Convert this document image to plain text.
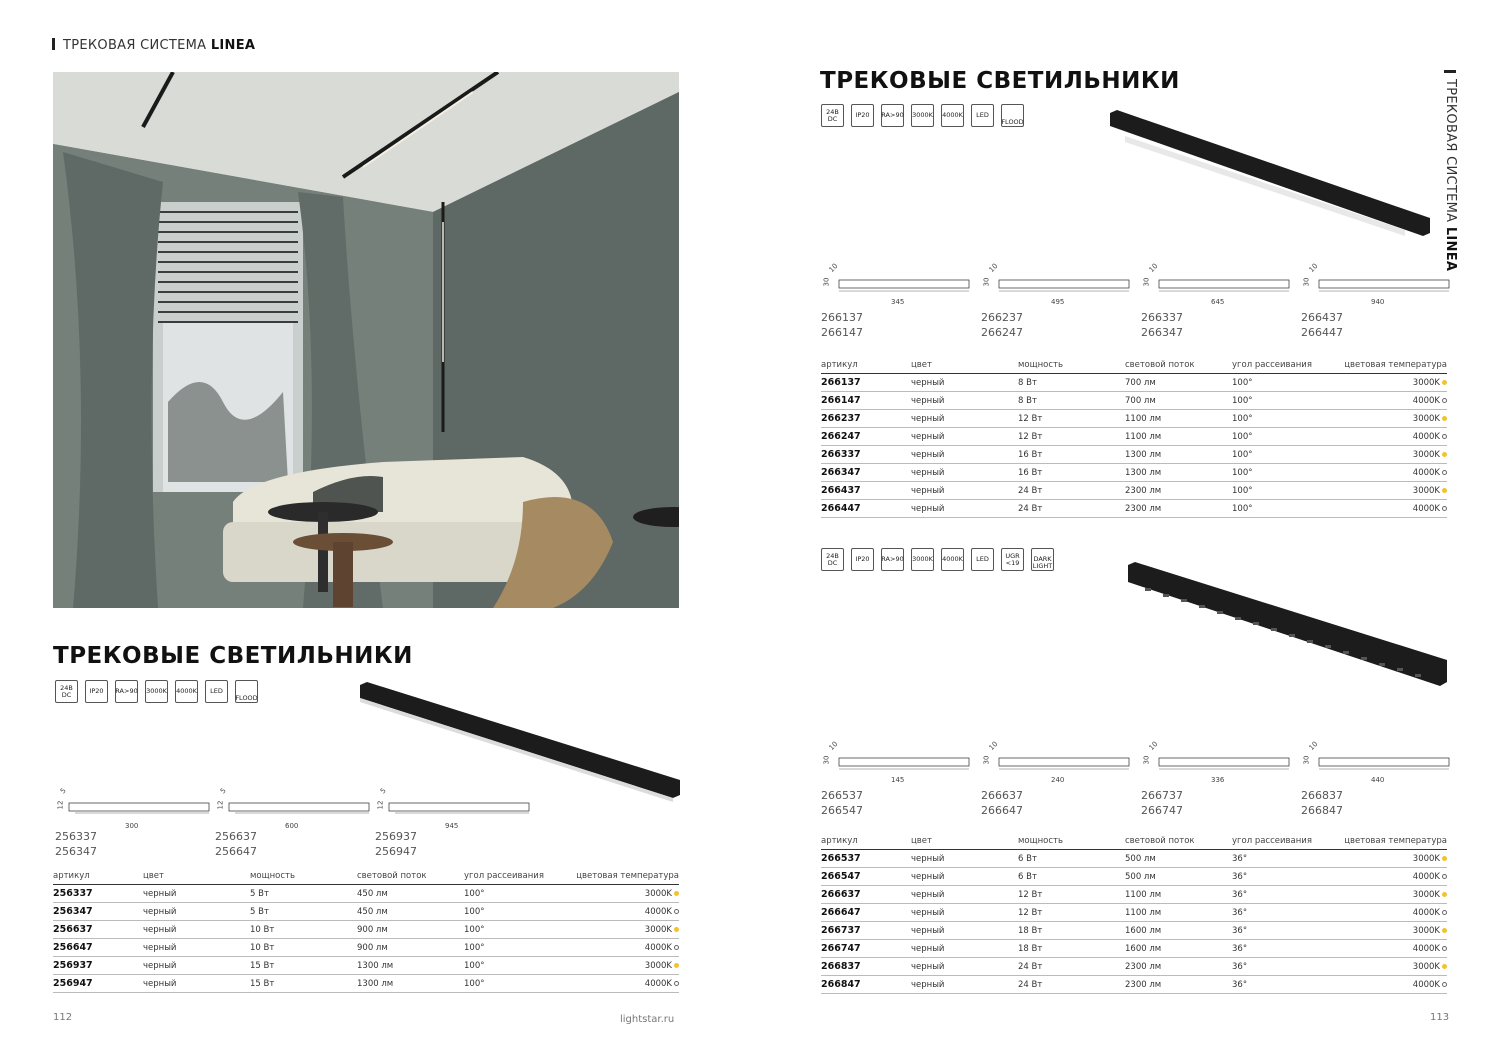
ТРЕКОВАЯ СИСТЕМА LINEA
ТРЕКОВЫЕ СВЕТИЛЬНИКИ
24В DC	IP20	RA>90 3000K 4000K	LED
FLOOD
5
12
300
256337
256347
5
12
600
256637
256647
5
12
945
256937
256947
артикул	цвет	мощность	световой поток	угол рассеивания	цветовая температура
256337	черный	5 Вт	450 лм	100°	3000K
256347	черный	5 Вт	450 лм	100°	4000K
256637	черный	10 Вт	900 лм	100°	3000K
256647	черный	10 Вт	900 лм	100°	4000K
256937	черный	15 Вт	1300 лм	100°	3000K
256947	черный	15 Вт	1300 лм	100°	4000K
112	lightstar.ru
ТРЕКОВЫЕ СВЕТИЛЬНИКИ	ТРЕКОВАЯ СИСТЕМА LINEA
24В DC	IP20	RA>90 3000K 4000K	LED
FLOOD
10
30
345
266137
266147
10
30
495
266237
266247
10
30
645
266337
266347
10
30
940
266437
266447
артикул	цвет	мощность	световой поток	угол рассеивания	цветовая температура
266137	черный	8 Вт	700 лм	100°	3000K
266147	черный	8 Вт	700 лм	100°	4000K
266237	черный	12 Вт	1100 лм	100°	3000K
266247	черный	12 Вт	1100 лм	100°	4000K
266337	черный	16 Вт	1300 лм	100°	3000K
266347	черный	16 Вт	1300 лм	100°	4000K
266437	черный	24 Вт	2300 лм	100°	3000K
266447	черный	24 Вт	2300 лм	100°	4000K
24В DC	IP20	RA>90 3000K 4000K	LED	UGR <19	DARK LIGHT
10
30
145
266537
266547
10
30
240
266637
266647
10
30
336
266737
266747
10
30
440
266837
266847
артикул	цвет	мощность	световой поток	угол рассеивания	цветовая температура
266537	черный	6 Вт	500 лм	36°	3000K
266547	черный	6 Вт	500 лм	36°	4000K
266637	черный	12 Вт	1100 лм	36°	3000K
266647	черный	12 Вт	1100 лм	36°	4000K
266737	черный	18 Вт	1600 лм	36°	3000K
266747	черный	18 Вт	1600 лм	36°	4000K
266837	черный	24 Вт	2300 лм	36°	3000K
266847	черный	24 Вт	2300 лм	36°	4000K
113
